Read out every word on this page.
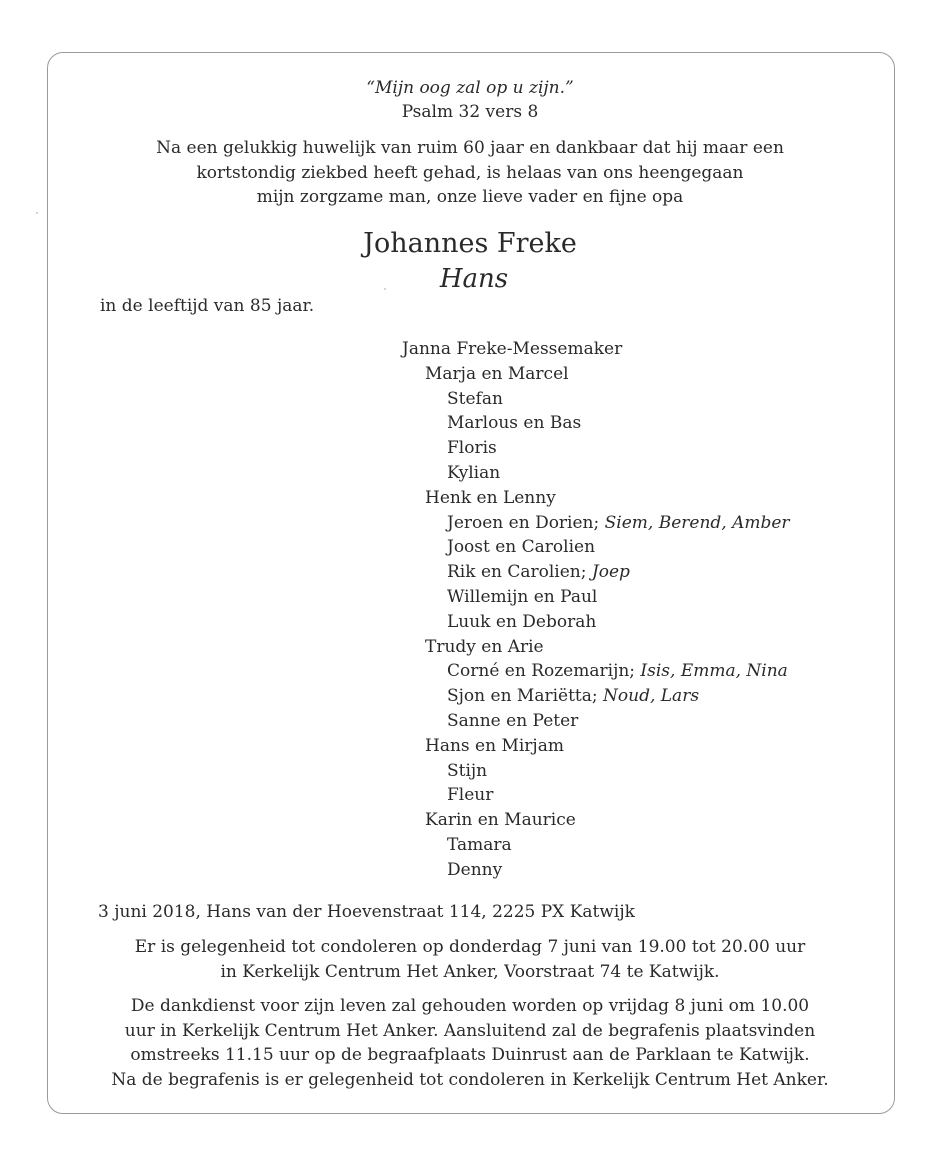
“Mijn oog zal op u zijn.”
Psalm 32 vers 8
Na een gelukkig huwelijk van ruim 60 jaar en dankbaar dat hij maar een
kortstondig ziekbed heeft gehad, is helaas van ons heengegaan
mijn zorgzame man, onze lieve vader en fijne opa
Johannes Freke
Hans
in de leeftijd van 85 jaar.
Janna Freke-Messemaker
Marja en Marcel
Stefan
Marlous en Bas
Floris
Kylian
Henk en Lenny
Jeroen en Dorien; Siem, Berend, Amber
Joost en Carolien
Rik en Carolien; Joep
Willemijn en Paul
Luuk en Deborah
Trudy en Arie
Corné en Rozemarijn; Isis, Emma, Nina
Sjon en Mariëtta; Noud, Lars
Sanne en Peter
Hans en Mirjam
Stijn
Fleur
Karin en Maurice
Tamara
Denny
3 juni 2018, Hans van der Hoevenstraat 114, 2225 PX Katwijk
Er is gelegenheid tot condoleren op donderdag 7 juni van 19.00 tot 20.00 uur
in Kerkelijk Centrum Het Anker, Voorstraat 74 te Katwijk.
De dankdienst voor zijn leven zal gehouden worden op vrijdag 8 juni om 10.00
uur in Kerkelijk Centrum Het Anker. Aansluitend zal de begrafenis plaatsvinden
omstreeks 11.15 uur op de begraafplaats Duinrust aan de Parklaan te Katwijk.
Na de begrafenis is er gelegenheid tot condoleren in Kerkelijk Centrum Het Anker.
